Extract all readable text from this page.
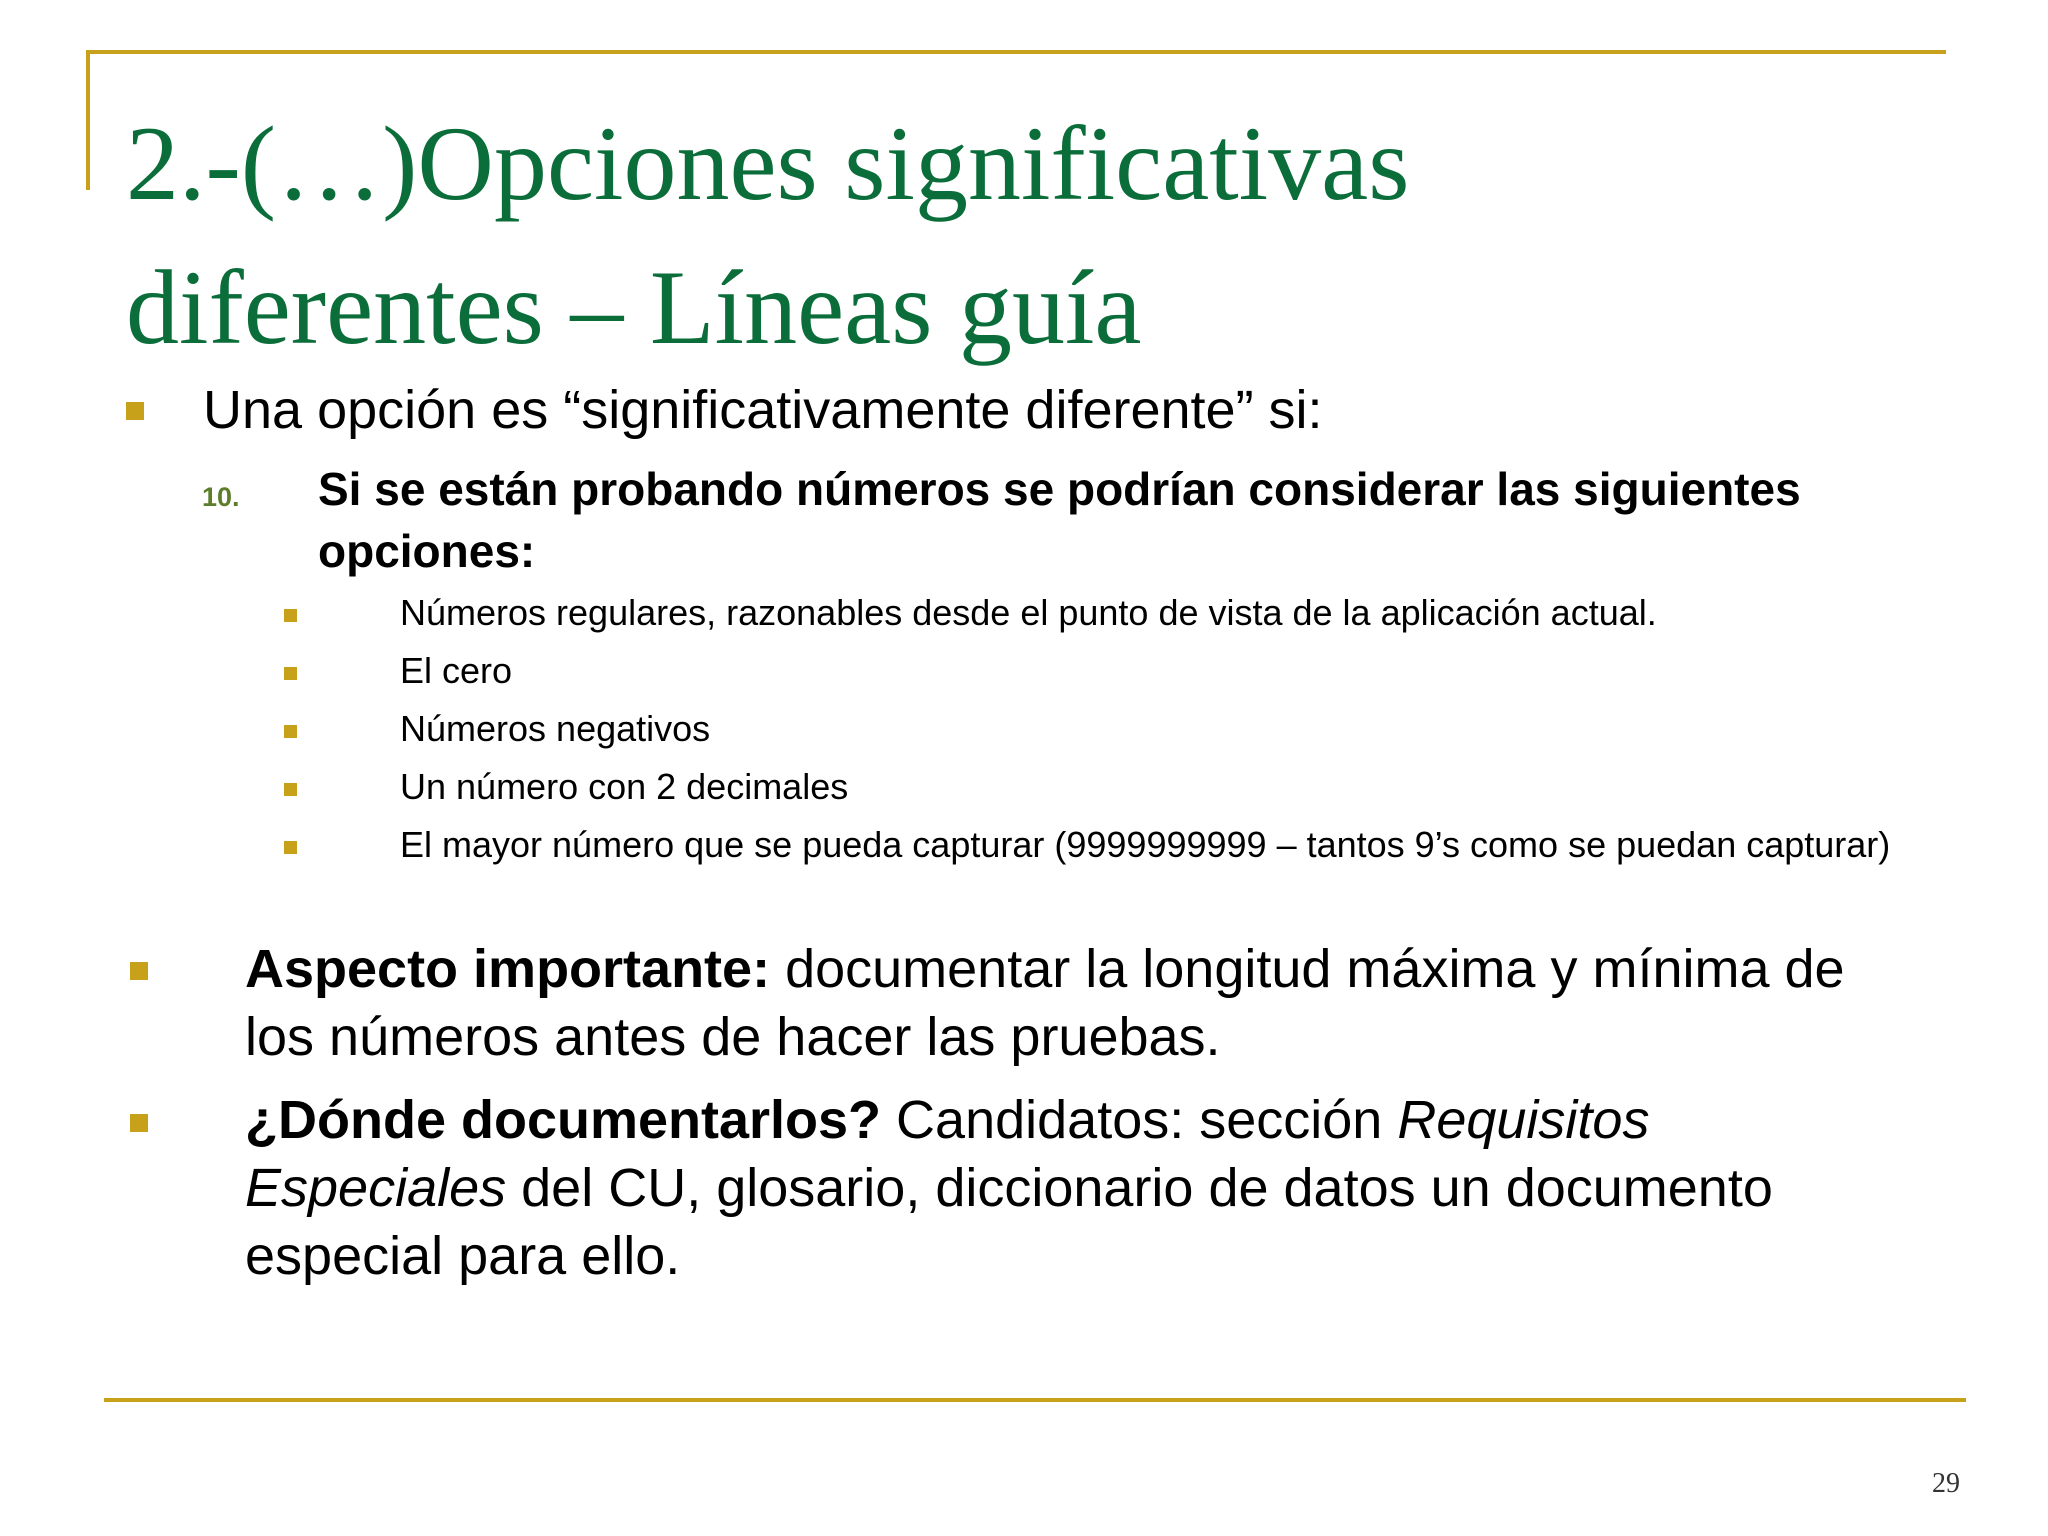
2.-(…)Opciones significativas
diferentes – Líneas guía

Una opción es “significativamente diferente” si:

10. Si se están probando números se podrían considerar las siguientes opciones:

Números regulares, razonables desde el punto de vista de la aplicación actual.
El cero
Números negativos
Un número con 2 decimales
El mayor número que se pueda capturar (9999999999 – tantos 9’s como se puedan capturar)

Aspecto importante: documentar la longitud máxima y mínima de los números antes de hacer las pruebas.

¿Dónde documentarlos? Candidatos: sección Requisitos Especiales del CU, glosario, diccionario de datos un documento especial para ello.

29
